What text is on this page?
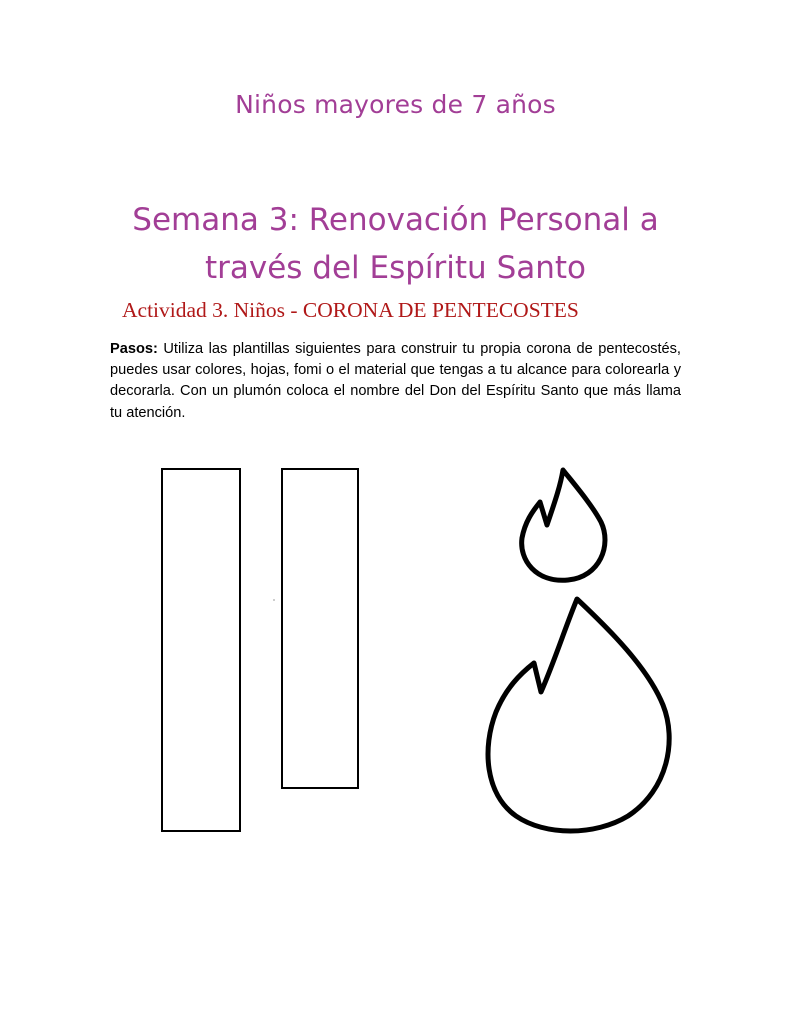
Niños mayores de 7 años
Semana 3: Renovación Personal a
través del Espíritu Santo
Actividad 3. Niños - CORONA DE PENTECOSTES
Pasos: Utiliza las plantillas siguientes para construir tu propia corona de pentecostés, puedes usar colores, hojas, fomi o el material que tengas a tu alcance para colorearla y decorarla. Con un plumón coloca el nombre del Don del Espíritu Santo que más llama tu atención.
